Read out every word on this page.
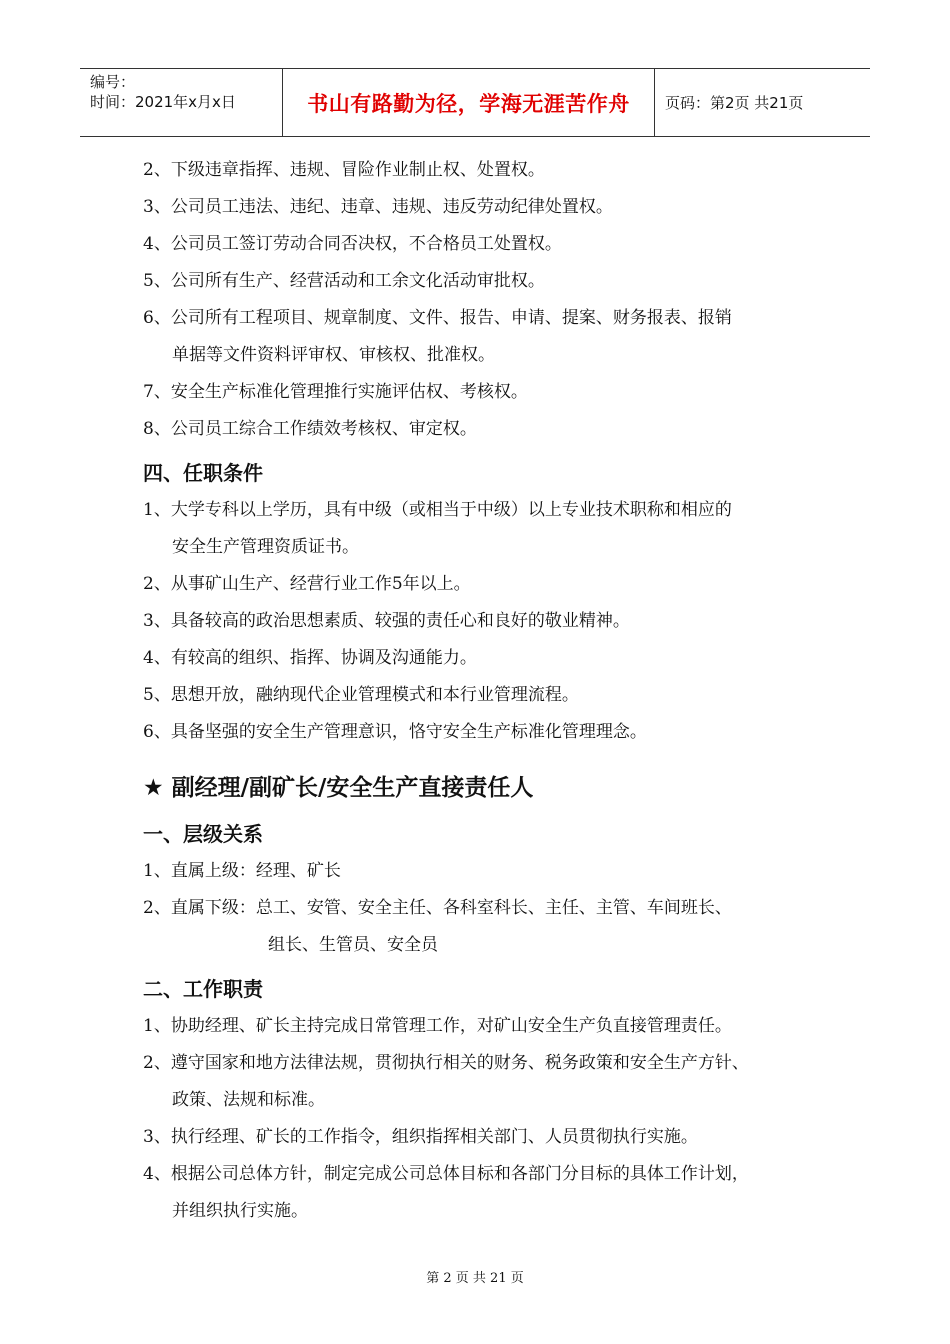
编号：
时间：2021年x月x日	书山有路勤为径，学海无涯苦作舟 页码：第2页 共21页
2、下级违章指挥、违规、冒险作业制止权、处置权。
3、公司员工违法、违纪、违章、违规、违反劳动纪律处置权。
4、公司员工签订劳动合同否决权，不合格员工处置权。
5、公司所有生产、经营活动和工余文化活动审批权。
6、公司所有工程项目、规章制度、文件、报告、申请、提案、财务报表、报销
单据等文件资料评审权、审核权、批准权。
7、安全生产标准化管理推行实施评估权、考核权。
8、公司员工综合工作绩效考核权、审定权。
四、任职条件
1、大学专科以上学历，具有中级（或相当于中级）以上专业技术职称和相应的
安全生产管理资质证书。
2、从事矿山生产、经营行业工作5年以上。
3、具备较高的政治思想素质、较强的责任心和良好的敬业精神。
4、有较高的组织、指挥、协调及沟通能力。
5、思想开放，融纳现代企业管理模式和本行业管理流程。
6、具备坚强的安全生产管理意识，恪守安全生产标准化管理理念。
★ 副经理/副矿长/安全生产直接责任人
一、层级关系
1、直属上级：经理、矿长
2、直属下级：总工、安管、安全主任、各科室科长、主任、主管、车间班长、
组长、生管员、安全员
二、工作职责
1、协助经理、矿长主持完成日常管理工作，对矿山安全生产负直接管理责任。
2、遵守国家和地方法律法规，贯彻执行相关的财务、税务政策和安全生产方针、
政策、法规和标准。
3、执行经理、矿长的工作指令，组织指挥相关部门、人员贯彻执行实施。
4、根据公司总体方针，制定完成公司总体目标和各部门分目标的具体工作计划，
并组织执行实施。
第 2 页 共 21 页
